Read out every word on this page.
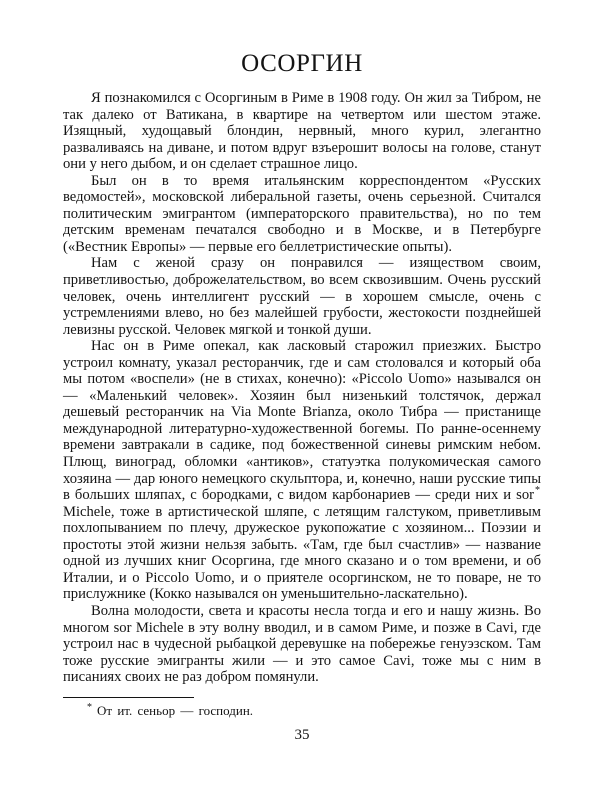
ОСОРГИН

Я познакомился с Осоргиным в Риме в 1908 году. Он жил за Тибром, не так далеко от Ватикана, в квартире на четвертом или шестом этаже. Изящный, худощавый блондин, нервный, много курил, элегантно разваливаясь на диване, и потом вдруг взъерошит волосы на голове, станут они у него дыбом, и он сделает страшное лицо.

Был он в то время итальянским корреспондентом «Русских ведомостей», московской либеральной газеты, очень серьезной. Считался политическим эмигрантом (императорского правительства), но по тем детским временам печатался свободно и в Москве, и в Петербурге («Вестник Европы» — первые его беллетристические опыты).

Нам с женой сразу он понравился — изяществом своим, приветливостью, доброжелательством, во всем сквозившим. Очень русский человек, очень интеллигент русский — в хорошем смысле, очень с устремлениями влево, но без малейшей грубости, жестокости позднейшей левизны русской. Человек мягкой и тонкой души.

Нас он в Риме опекал, как ласковый старожил приезжих. Быстро устроил комнату, указал ресторанчик, где и сам столовался и который оба мы потом «воспели» (не в стихах, конечно): «Piccolo Uomo» назывался он — «Маленький человек». Хозяин был низенький толстячок, держал дешевый ресторанчик на Via Monte Brianza, около Тибра — пристанище международной литературно-художественной богемы. По ранне-осеннему времени завтракали в садике, под божественной синевы римским небом. Плющ, виноград, обломки «антиков», статуэтка полукомическая самого хозяина — дар юного немецкого скульптора, и, конечно, наши русские типы в больших шляпах, с бородками, с видом карбонариев — среди них и sor* Michele, тоже в артистической шляпе, с летящим галстуком, приветливым похлопыванием по плечу, дружеское рукопожатие с хозяином... Поэзии и простоты этой жизни нельзя забыть. «Там, где был счастлив» — название одной из лучших книг Осоргина, где много сказано и о том времени, и об Италии, и о Piccolo Uomo, и о приятеле осоргинском, не то поваре, не то прислужнике (Кокко назывался он уменьшительно-ласкательно).

Волна молодости, света и красоты несла тогда и его и нашу жизнь. Во многом sor Michele в эту волну вводил, и в самом Риме, и позже в Cavi, где устроил нас в чудесной рыбацкой деревушке на побережье генуэзском. Там тоже русские эмигранты жили — и это самое Cavi, тоже мы с ним в писаниях своих не раз добром помянули.

* От ит. сеньор — господин.

35
